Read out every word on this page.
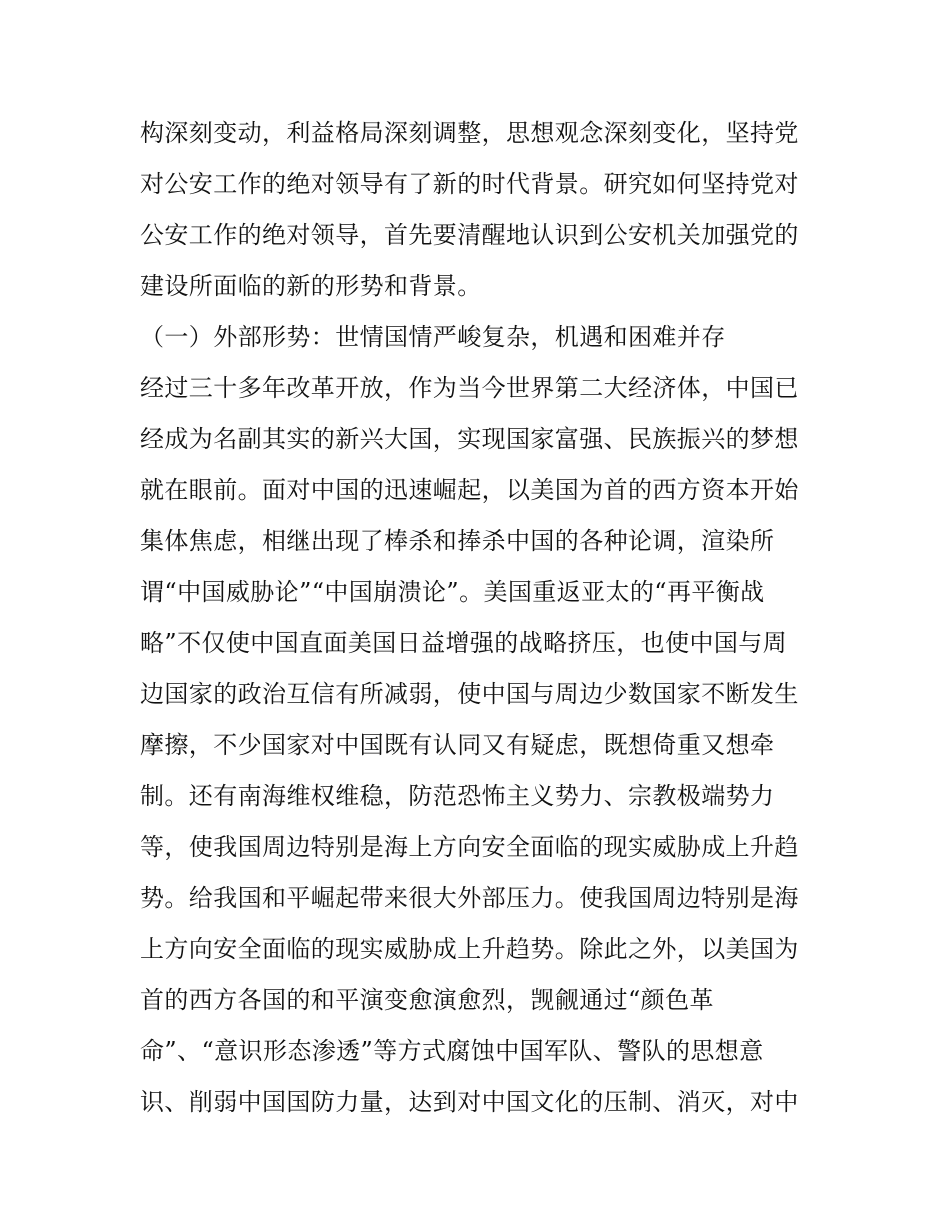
构深刻变动，利益格局深刻调整，思想观念深刻变化，坚持党
对公安工作的绝对领导有了新的时代背景。研究如何坚持党对
公安工作的绝对领导，首先要清醒地认识到公安机关加强党的
建设所面临的新的形势和背景。
（一）外部形势：世情国情严峻复杂，机遇和困难并存
经过三十多年改革开放，作为当今世界第二大经济体，中国已
经成为名副其实的新兴大国，实现国家富强、民族振兴的梦想
就在眼前。面对中国的迅速崛起，以美国为首的西方资本开始
集体焦虑，相继出现了棒杀和捧杀中国的各种论调，渲染所
谓“中国威胁论”“中国崩溃论”。美国重返亚太的“再平衡战
略”不仅使中国直面美国日益增强的战略挤压，也使中国与周
边国家的政治互信有所减弱，使中国与周边少数国家不断发生
摩擦，不少国家对中国既有认同又有疑虑，既想倚重又想牵
制。还有南海维权维稳，防范恐怖主义势力、宗教极端势力
等，使我国周边特别是海上方向安全面临的现实威胁成上升趋
势。给我国和平崛起带来很大外部压力。使我国周边特别是海
上方向安全面临的现实威胁成上升趋势。除此之外，以美国为
首的西方各国的和平演变愈演愈烈，觊觎通过“颜色革
命”、“意识形态渗透”等方式腐蚀中国军队、警队的思想意
识、削弱中国国防力量，达到对中国文化的压制、消灭，对中
